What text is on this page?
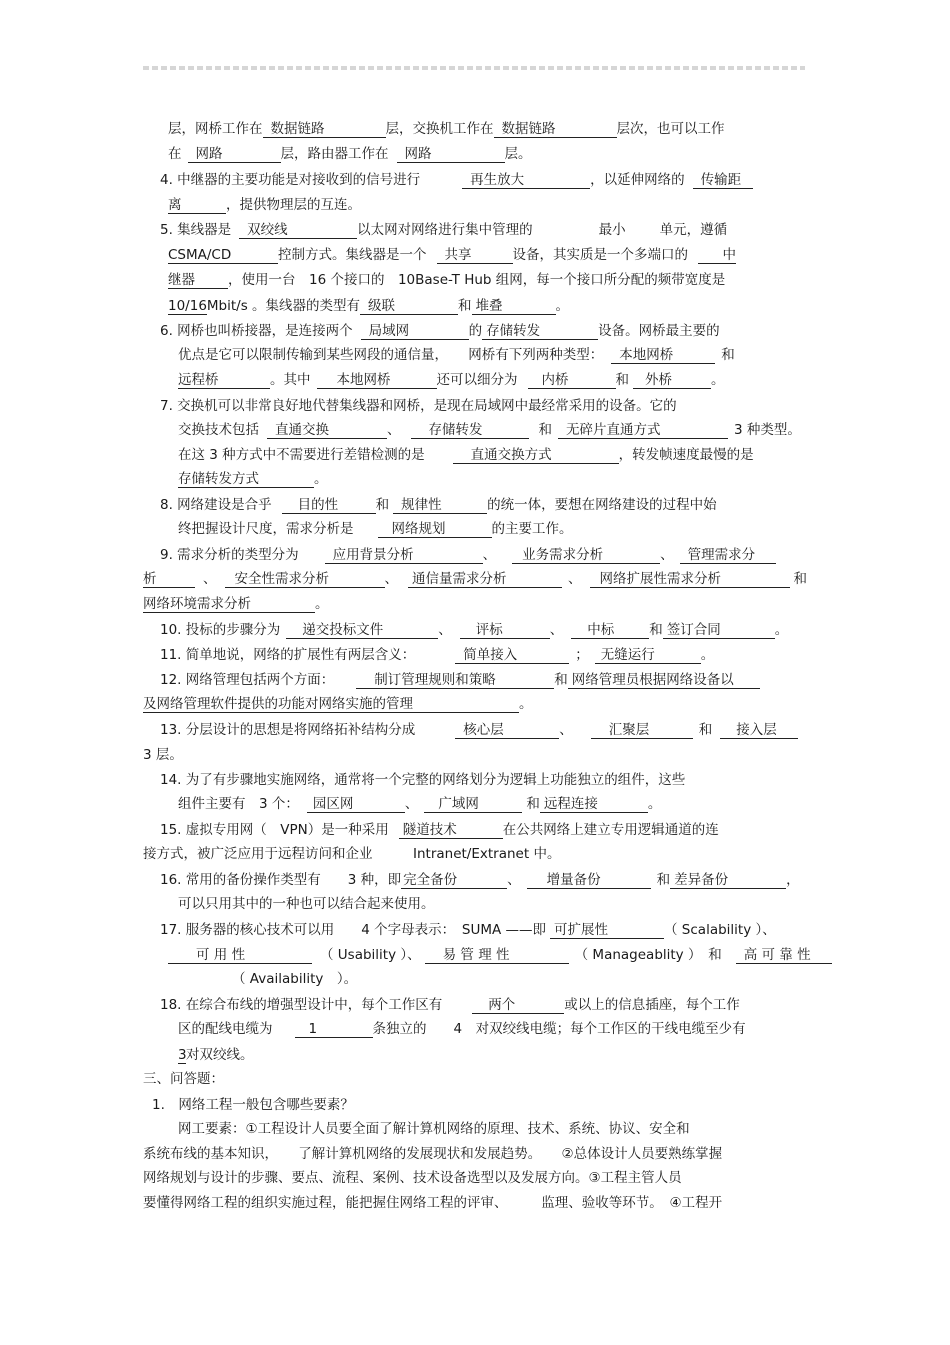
层，网桥工作在 数据链路	层，交换机工作在 数据链路	层次，也可以工作
在 网路	层，路由器工作在 网路	层。
4. 中继器的主要功能是对接收到的信号进行	再生放大	，以延伸网络的 传输距
离	，提供物理层的互连。
5. 集线器是 双绞线	以太网对网络进行集中管理的	最小	单元，遵循
CSMA/CD	控制方式。集线器是一个 共享	设备，其实质是一个多端口的	中
继器 ，使用一台　16 个接口的　10Base-T Hub 组网，每一个接口所分配的频带宽度是
10/16Mbit/s 。集线器的类型有 级联	和 堆叠	。
6. 网桥也叫桥接器，是连接两个 局域网	的 存储转发	设备。网桥最主要的
优点是它可以限制传输到某些网段的通信量，　　网桥有下列两种类型： 本地网桥	和
远程桥	。其中 本地网桥	还可以细分为 内桥	和 外桥	。
7. 交换机可以非常良好地代替集线器和网桥，是现在局域网中最经常采用的设备。它的
交换技术包括 直通交换	、 存储转发	和 无碎片直通方式	3 种类型。
在这 3 种方式中不需要进行差错检测的是	直通交换方式	，转发帧速度最慢的是
存储转发方式	。
8. 网络建设是合乎 目的性	和 规律性	的统一体，要想在网络建设的过程中始
终把握设计尺度，需求分析是	网络规划	的主要工作。
9. 需求分析的类型分为	应用背景分析	、 业务需求分析	、 管理需求分
析	、 安全性需求分析	、 通信量需求分析	、 网络扩展性需求分析	和
网络环境需求分析	。
10. 投标的步骤分为 递交投标文件	、 评标	、 中标	和 签订合同	。
11. 简单地说，网络的扩展性有两层含义：	简单接入	； 无缝运行	。
12. 网络管理包括两个方面：	制订管理规则和策略	和 网络管理员根据网络设备以
及网络管理软件提供的功能对网络实施的管理	。
13. 分层设计的思想是将网络拓补结构分成	核心层	、	汇聚层	和 接入层
3 层。
14. 为了有步骤地实施网络，通常将一个完整的网络划分为逻辑上功能独立的组件，这些
组件主要有　3 个： 园区网	、 广域网	和 远程连接	。
15. 虚拟专用网（　VPN）是一种采用 隧道技术	在公共网络上建立专用逻辑通道的连
接方式，被广泛应用于远程访问和企业　　　Intranet/Extranet 中。
16. 常用的备份操作类型有　　3 种，即 完全备份	、 增量备份	和 差异备份	，
可以只用其中的一种也可以结合起来使用。
17. 服务器的核心技术可以用　　4 个字母表示：　SUMA ——即 可扩展性	（ Scalability ）、
可 用 性	（ Usability ）、 易 管 理 性	（ Manageablity ）　和 高 可 靠 性
（ Availability　）。
18. 在综合布线的增强型设计中，每个工作区有	两个	或以上的信息插座，每个工作
区的配线电缆为	1	条独立的　　4　对双绞线电缆；每个工作区的干线电缆至少有
3对双绞线。
三、问答题：
1.　网络工程一般包含哪些要素？
网工要素：①工程设计人员要全面了解计算机网络的原理、技术、系统、协议、安全和
系统布线的基本知识，　　了解计算机网络的发展现状和发展趋势。　　②总体设计人员要熟练掌握
网络规划与设计的步骤、要点、流程、案例、技术设备选型以及发展方向。③工程主管人员
要懂得网络工程的组织实施过程，能把握住网络工程的评审、　　　监理、验收等环节。　④工程开
